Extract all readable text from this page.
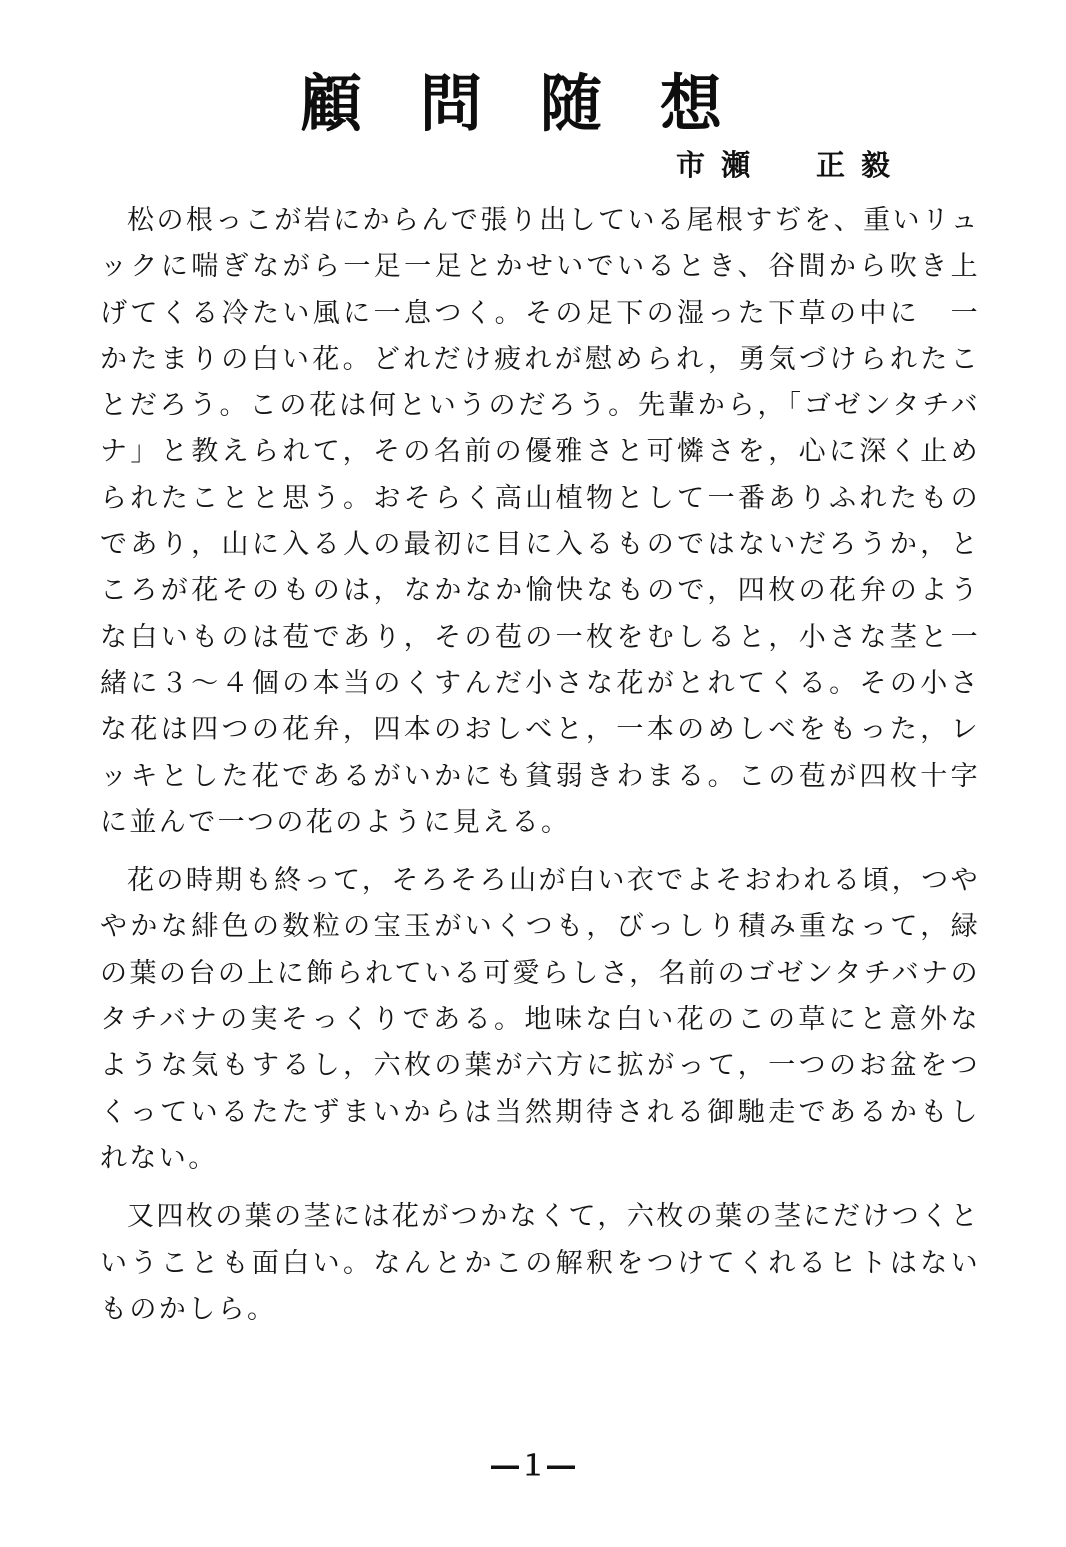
顧問随想
市瀬 正毅

松の根っこが岩にからんで張り出している尾根すぢを、重いリュックに喘ぎながら一足一足とかせいでいるとき、谷間から吹き上げてくる冷たい風に一息つく。その足下の湿った下草の中に　一かたまりの白い花。どれだけ疲れが慰められ，勇気づけられたことだろう。この花は何というのだろう。先輩から，「ゴゼンタチバナ」と教えられて，その名前の優雅さと可憐さを，心に深く止められたことと思う。おそらく高山植物として一番ありふれたものであり，山に入る人の最初に目に入るものではないだろうか，ところが花そのものは，なかなか愉快なもので，四枚の花弁のような白いものは苞であり，その苞の一枚をむしると，小さな茎と一緒に３～４個の本当のくすんだ小さな花がとれてくる。その小さな花は四つの花弁，四本のおしべと，一本のめしべをもった，レッキとした花であるがいかにも貧弱きわまる。この苞が四枚十字に並んで一つの花のように見える。

花の時期も終って，そろそろ山が白い衣でよそおわれる頃，つややかな緋色の数粒の宝玉がいくつも，びっしり積み重なって，緑の葉の台の上に飾られている可愛らしさ，名前のゴゼンタチバナのタチバナの実そっくりである。地味な白い花のこの草にと意外なような気もするし，六枚の葉が六方に拡がって，一つのお盆をつくっているたたずまいからは当然期待される御馳走であるかもしれない。

又四枚の葉の茎には花がつかなくて，六枚の葉の茎にだけつくということも面白い。なんとかこの解釈をつけてくれるヒトはないものかしら。

―１―
